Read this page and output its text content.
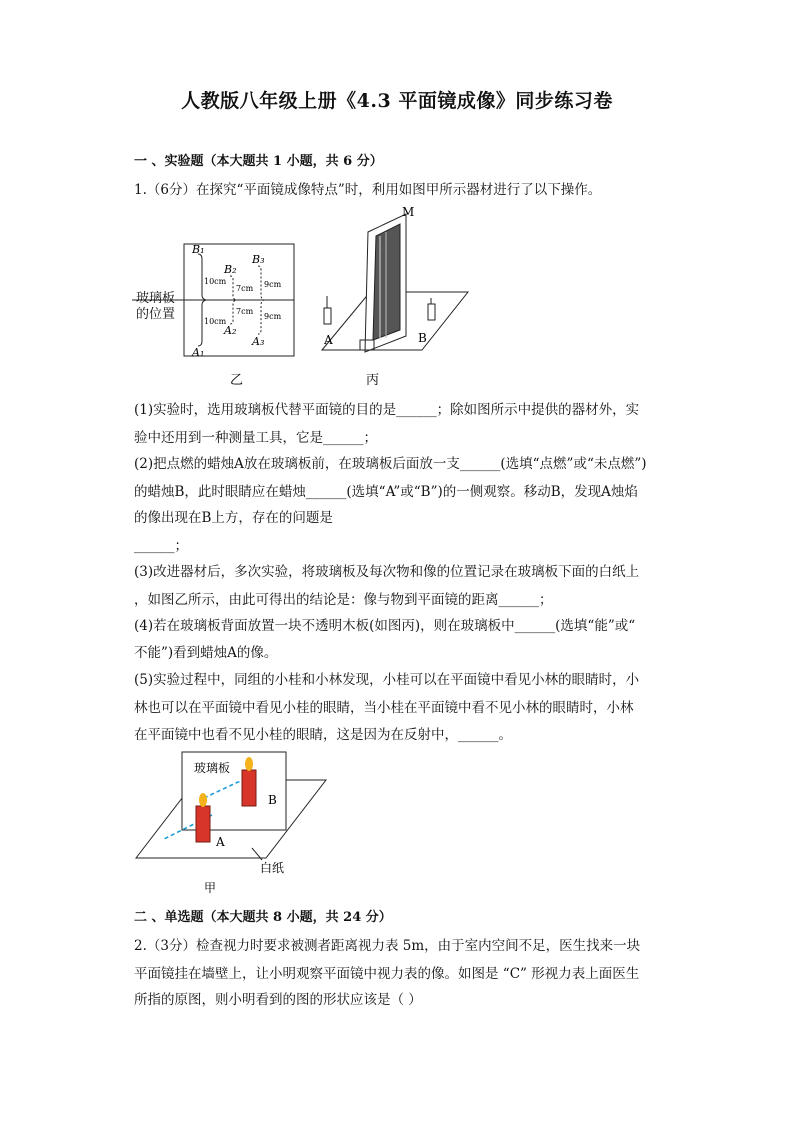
人教版八年级上册《4.3 平面镜成像》同步练习卷
一 、实验题（本大题共 1 小题，共 6 分）
1.（6分）在探究“平面镜成像特点”时，利用如图甲所示器材进行了以下操作。
B₁
B₂
B₃
A₁
A₂
A₃
10cm
10cm
7cm
7cm
9cm
9cm
乙
玻璃板
的位置
M
A	B
丙
(1)实验时，选用玻璃板代替平面镜的目的是______；除如图所示中提供的器材外，实
验中还用到一种测量工具，它是______；
(2)把点燃的蜡烛A放在玻璃板前，在玻璃板后面放一支______(选填“点燃”或“未点燃”)
的蜡烛B，此时眼睛应在蜡烛______(选填“A”或“B”)的一侧观察。移动B，发现A烛焰
的像出现在B上方，存在的问题是
______；
(3)改进器材后，多次实验，将玻璃板及每次物和像的位置记录在玻璃板下面的白纸上
，如图乙所示，由此可得出的结论是：像与物到平面镜的距离______；
(4)若在玻璃板背面放置一块不透明木板(如图丙)，则在玻璃板中______(选填“能”或“
不能”)看到蜡烛A的像。
(5)实验过程中，同组的小桂和小林发现，小桂可以在平面镜中看见小林的眼睛时，小
林也可以在平面镜中看见小桂的眼睛，当小桂在平面镜中看不见小林的眼睛时，小林
在平面镜中也看不见小桂的眼睛，这是因为在反射中，______。
玻璃板
B
A
白纸
甲
二 、单选题（本大题共 8 小题，共 24 分）
2.（3分）检查视力时要求被测者距离视力表 5m，由于室内空间不足，医生找来一块
平面镜挂在墙壁上，让小明观察平面镜中视力表的像。如图是 “C” 形视力表上面医生
所指的原图，则小明看到的图的形状应该是（ ）
